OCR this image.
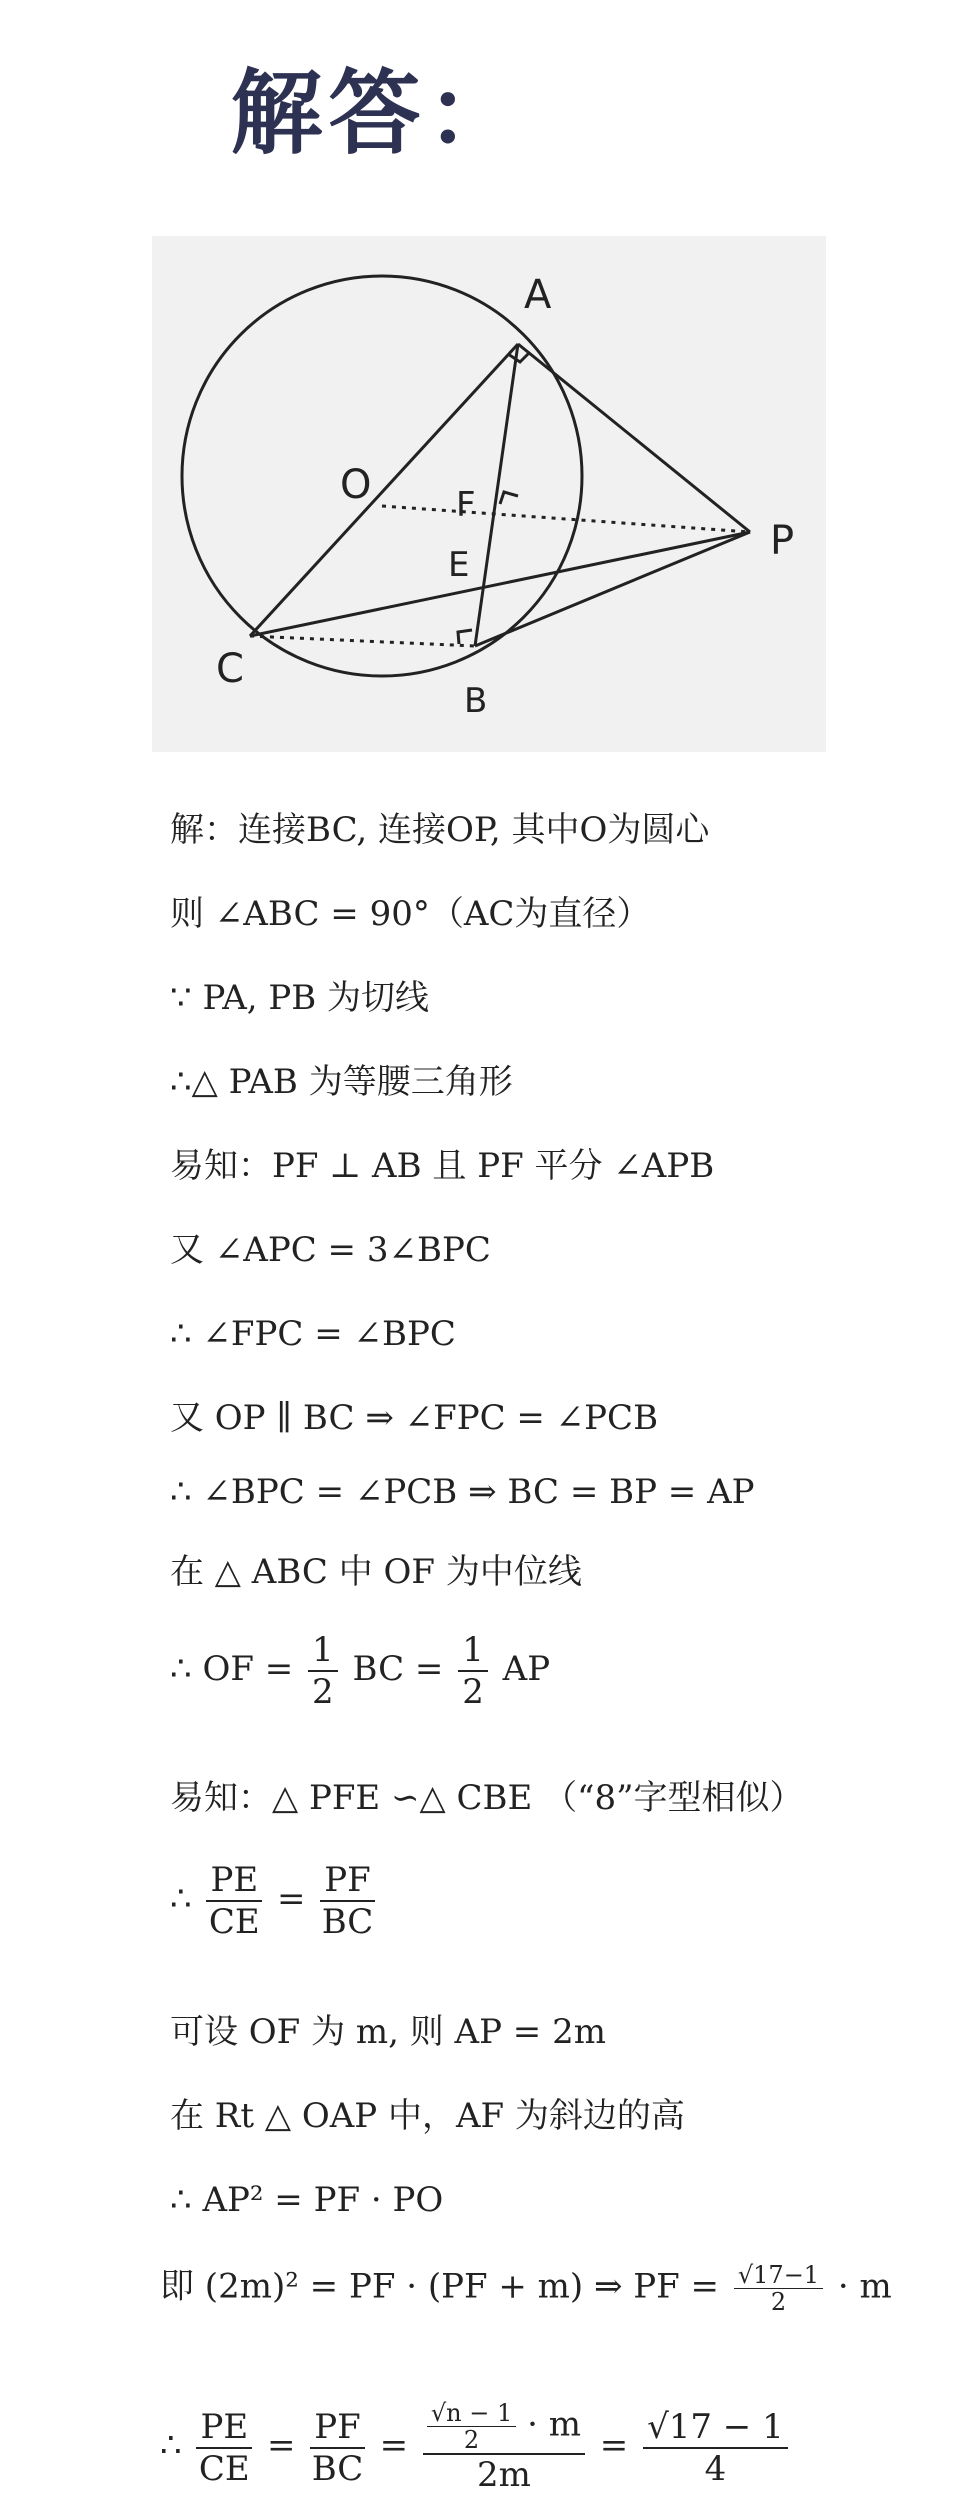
解答：
A
P
O F
E
C
B
解：连接BC, 连接OP, 其中O为圆心
则 ∠ABC = 90°（AC为直径）
∵ PA, PB 为切线
∴△ PAB 为等腰三角形
易知：PF ⊥ AB 且 PF 平分 ∠APB
又 ∠APC = 3∠BPC
∴ ∠FPC = ∠BPC
又 OP ∥ BC ⇒ ∠FPC = ∠PCB
∴ ∠BPC = ∠PCB ⇒ BC = BP = AP
在 △ ABC 中 OF 为中位线
∴ OF = $\frac{1}{2}$ BC = $\frac{1}{2}$ AP
易知：△ PFE ∽△ CBE （“8”字型相似）
∴ $\frac{PE}{CE} = \frac{PF}{BC}$
可设 OF 为 m, 则 AP = 2m
在 Rt △ OAP 中，AF 为斜边的高
∴ AP² = PF · PO
即 (2m)² = PF · (PF + m) ⇒ PF = $\frac{√17-1}{2} \cdot m$
∴ $\frac{PE}{CE} = \frac{PF}{BC} = \frac{\frac{√n - 1}{2} \cdot m}{2m} = \frac{√17 - 1}{4}$
